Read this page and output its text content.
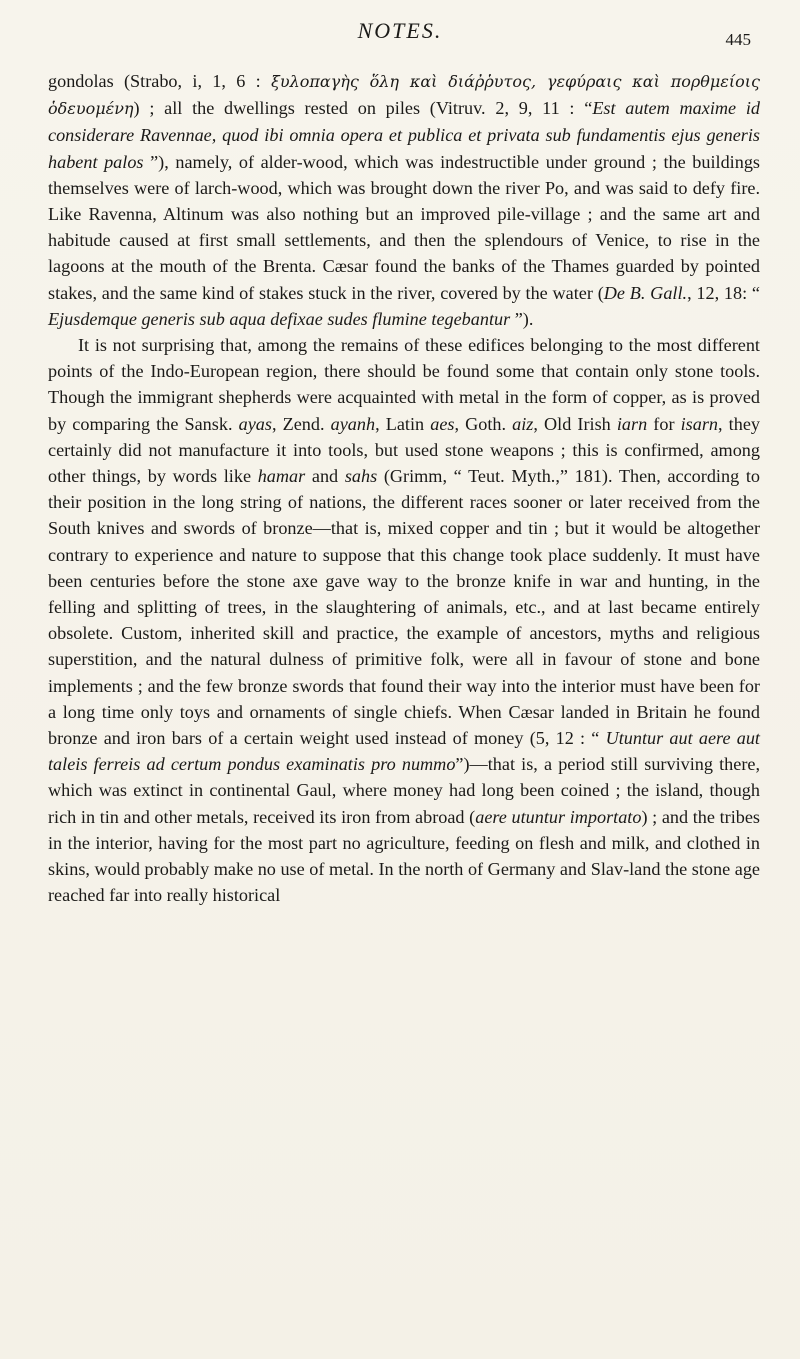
NOTES.	445

gondolas (Strabo, i, 1, 6 : ξυλοπαγὴς ὅλη καὶ διάῤῥυτος, γεφύραις καὶ πορθμείοις ὁδευομένη) ; all the dwellings rested on piles (Vitruv. 2, 9, 11 : “Est autem maxime id considerare Ravennae, quod ibi omnia opera et publica et privata sub fundamentis ejus generis habent palos ”), namely, of alder-wood, which was indestructible under ground ; the buildings themselves were of larch-wood, which was brought down the river Po, and was said to defy fire. Like Ravenna, Altinum was also nothing but an improved pile-village ; and the same art and habitude caused at first small settlements, and then the splendours of Venice, to rise in the lagoons at the mouth of the Brenta. Cæsar found the banks of the Thames guarded by pointed stakes, and the same kind of stakes stuck in the river, covered by the water (De B. Gall., 12, 18: “ Ejusdemque generis sub aqua defixae sudes flumine tegebantur ”).

It is not surprising that, among the remains of these edifices belonging to the most different points of the Indo-European region, there should be found some that contain only stone tools. Though the immigrant shepherds were acquainted with metal in the form of copper, as is proved by comparing the Sansk. ayas, Zend. ayanh, Latin aes, Goth. aiz, Old Irish iarn for isarn, they certainly did not manufacture it into tools, but used stone weapons ; this is confirmed, among other things, by words like hamar and sahs (Grimm, “ Teut. Myth.,” 181). Then, according to their position in the long string of nations, the different races sooner or later received from the South knives and swords of bronze—that is, mixed copper and tin ; but it would be altogether contrary to experience and nature to suppose that this change took place suddenly. It must have been centuries before the stone axe gave way to the bronze knife in war and hunting, in the felling and splitting of trees, in the slaughtering of animals, etc., and at last became entirely obsolete. Custom, inherited skill and practice, the example of ancestors, myths and religious superstition, and the natural dulness of primitive folk, were all in favour of stone and bone implements ; and the few bronze swords that found their way into the interior must have been for a long time only toys and ornaments of single chiefs. When Cæsar landed in Britain he found bronze and iron bars of a certain weight used instead of money (5, 12 : “ Utuntur aut aere aut taleis ferreis ad certum pondus examinatis pro nummo”)—that is, a period still surviving there, which was extinct in continental Gaul, where money had long been coined ; the island, though rich in tin and other metals, received its iron from abroad (aere utuntur importato) ; and the tribes in the interior, having for the most part no agriculture, feeding on flesh and milk, and clothed in skins, would probably make no use of metal. In the north of Germany and Slav-land the stone age reached far into really historical
